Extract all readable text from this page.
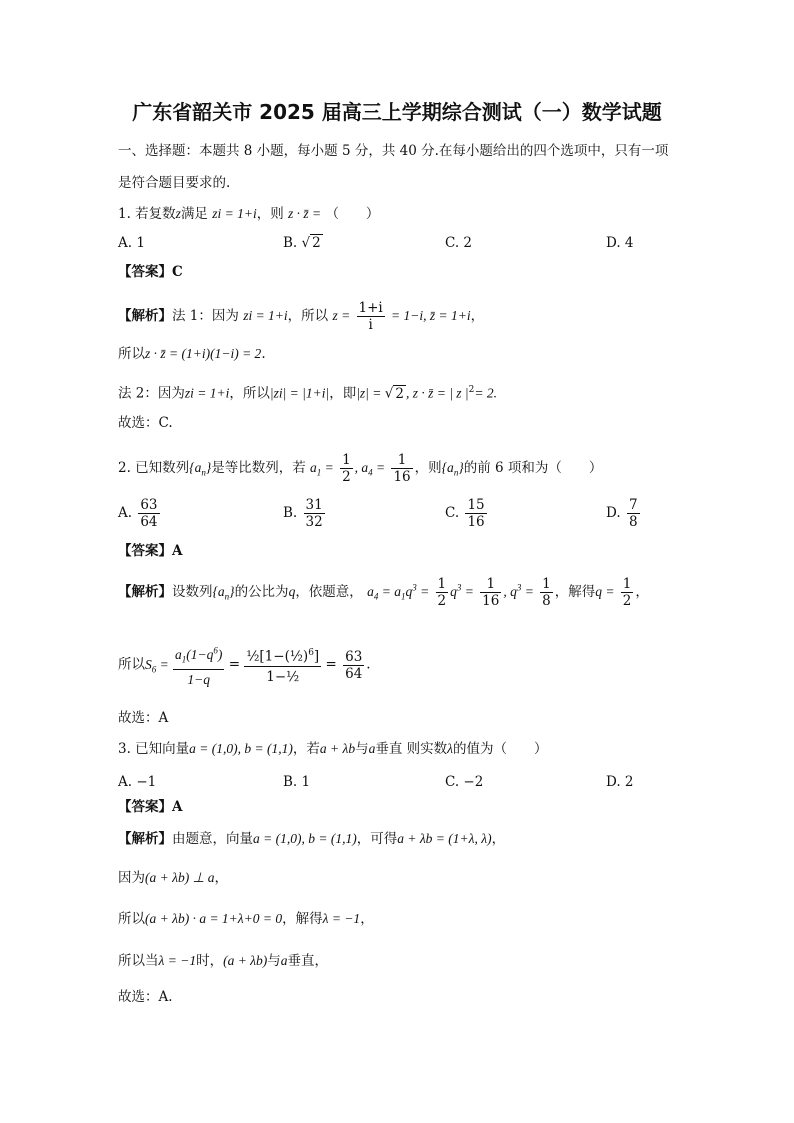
广东省韶关市 2025 届高三上学期综合测试（一）数学试题
一、选择题：本题共 8 小题，每小题 5 分，共 40 分.在每小题给出的四个选项中，只有一项
是符合题目要求的.
1. 若复数z满足 zi = 1+i，则 z · z̄ = （　　）
A. 1	B. √ 2	C. 2	D. 4
【答案】C
【解析】法 1：因为 zi = 1+i，所以 $z = \frac{1+i}{i} = 1-i$, z̄ = 1+i，
所以z · z̄ = (1+i)(1−i) = 2.
法 2：因为zi = 1+i，所以|zi| = |1+i|，即|z| = √ 2 , z · z̄ = | z $|^2= 2$.
故选：C.
2. 已知数列$\{a_n\}$是等比数列，若 $a_1 = \frac{1}{2}$ , $a_4 = \frac{1}{16}$ ，则$\{a_n\}$的前 6 项和为（　　）
A. $\frac{63}{64}$	B. $\frac{31}{32}$	C. $\frac{15}{16}$	D. $\frac{7}{8}$
【答案】A
【解析】设数列$\{a_n\}$的公比为q，依题意， $a_4 = a_1q^3 = \frac{1}{2} q^3 = \frac{1}{16}$ , $q^3 = \frac{1}{8}$ ，解得$q = \frac{1}{2}$ ，
所以$S_6 = \frac{a_1(1-q^6)}{1-q} = \frac{\frac{1}{2}[1-(\frac{1}{2})^6]}{\text{1−½}} = \frac{63}{64}$ .
故选：A
3. 已知向量a = (1,0), b = (1,1)，若a + λb与a垂直 则实数λ的值为（　　）
A. −1	B. 1	C. −2	D. 2
【答案】A
【解析】由题意，向量a = (1,0), b = (1,1)，可得a + λb = (1+λ, λ)，
因为(a + λb) ⊥ a，
所以(a + λb) · a = 1+λ+0 = 0，解得λ = −1，
所以当λ = −1时，(a + λb)与a垂直，
故选：A.
